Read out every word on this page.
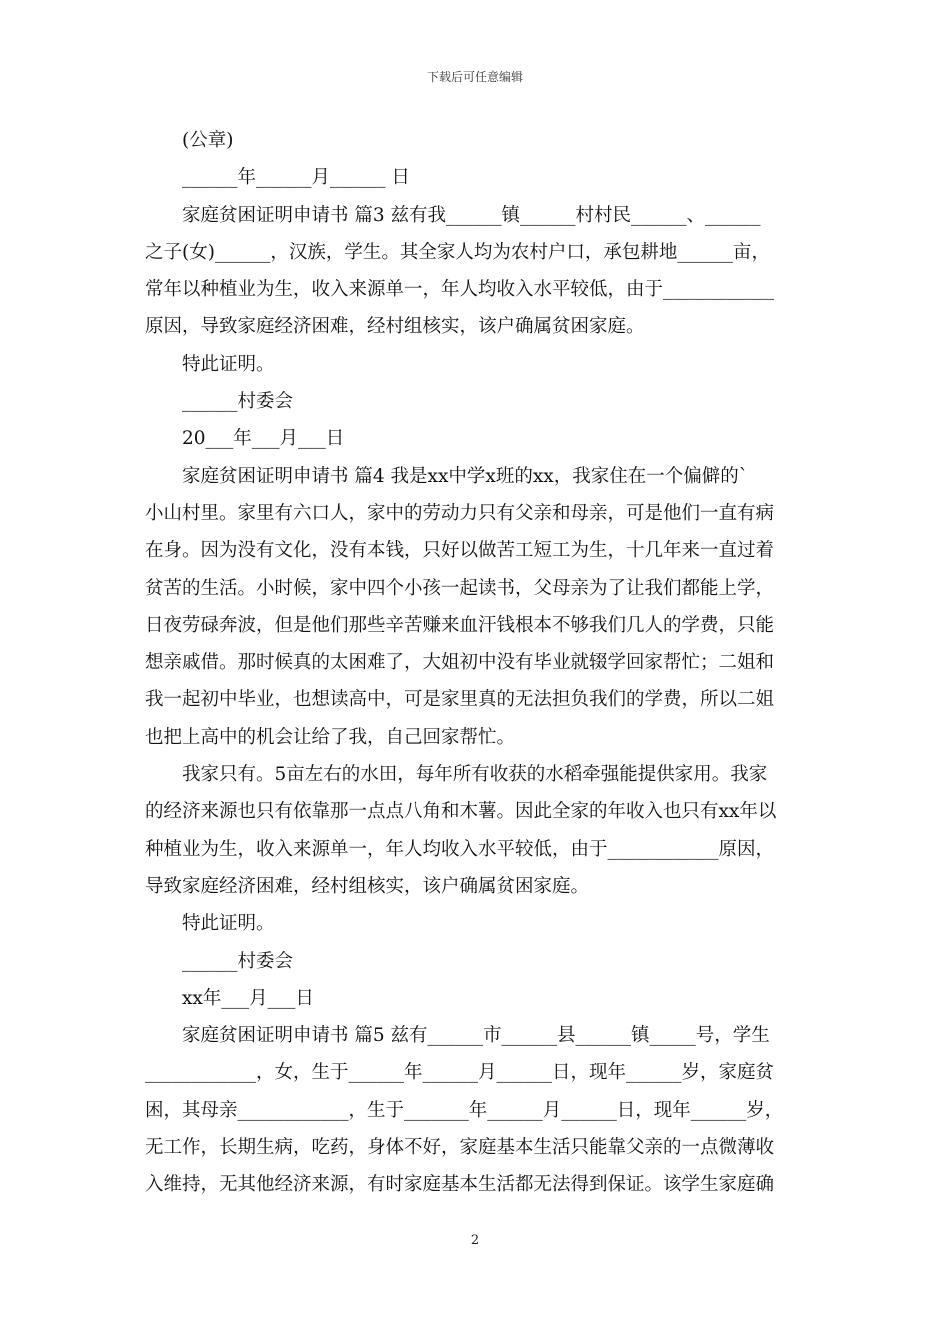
下载后可任意编辑
　　(公章)
　　______年______月______ 日
　　家庭贫困证明申请书 篇3 兹有我______镇______村村民______、______
之子(女)______，汉族，学生。其全家人均为农村户口，承包耕地______亩，
常年以种植业为生，收入来源单一，年人均收入水平较低，由于____________
原因，导致家庭经济困难，经村组核实，该户确属贫困家庭。
　　特此证明。
　　______村委会
　　20___年___月___日
　　家庭贫困证明申请书 篇4 我是xx中学x班的xx，我家住在一个偏僻的`
小山村里。家里有六口人，家中的劳动力只有父亲和母亲，可是他们一直有病
在身。因为没有文化，没有本钱，只好以做苦工短工为生，十几年来一直过着
贫苦的生活。小时候，家中四个小孩一起读书，父母亲为了让我们都能上学，
日夜劳碌奔波，但是他们那些辛苦赚来血汗钱根本不够我们几人的学费，只能
想亲戚借。那时候真的太困难了，大姐初中没有毕业就辍学回家帮忙；二姐和
我一起初中毕业，也想读高中，可是家里真的无法担负我们的学费，所以二姐
也把上高中的机会让给了我，自己回家帮忙。
　　我家只有。5亩左右的水田，每年所有收获的水稻牵强能提供家用。我家
的经济来源也只有依靠那一点点八角和木薯。因此全家的年收入也只有xx年以
种植业为生，收入来源单一，年人均收入水平较低，由于____________原因，
导致家庭经济困难，经村组核实，该户确属贫困家庭。
　　特此证明。
　　______村委会
　　xx年___月___日
　　家庭贫困证明申请书 篇5 兹有______市______县______镇_____号，学生
____________，女，生于______年______月______日，现年______岁，家庭贫
困，其母亲____________，生于_______年______月______日，现年______岁，
无工作，长期生病，吃药，身体不好，家庭基本生活只能靠父亲的一点微薄收
入维持，无其他经济来源，有时家庭基本生活都无法得到保证。该学生家庭确
2
